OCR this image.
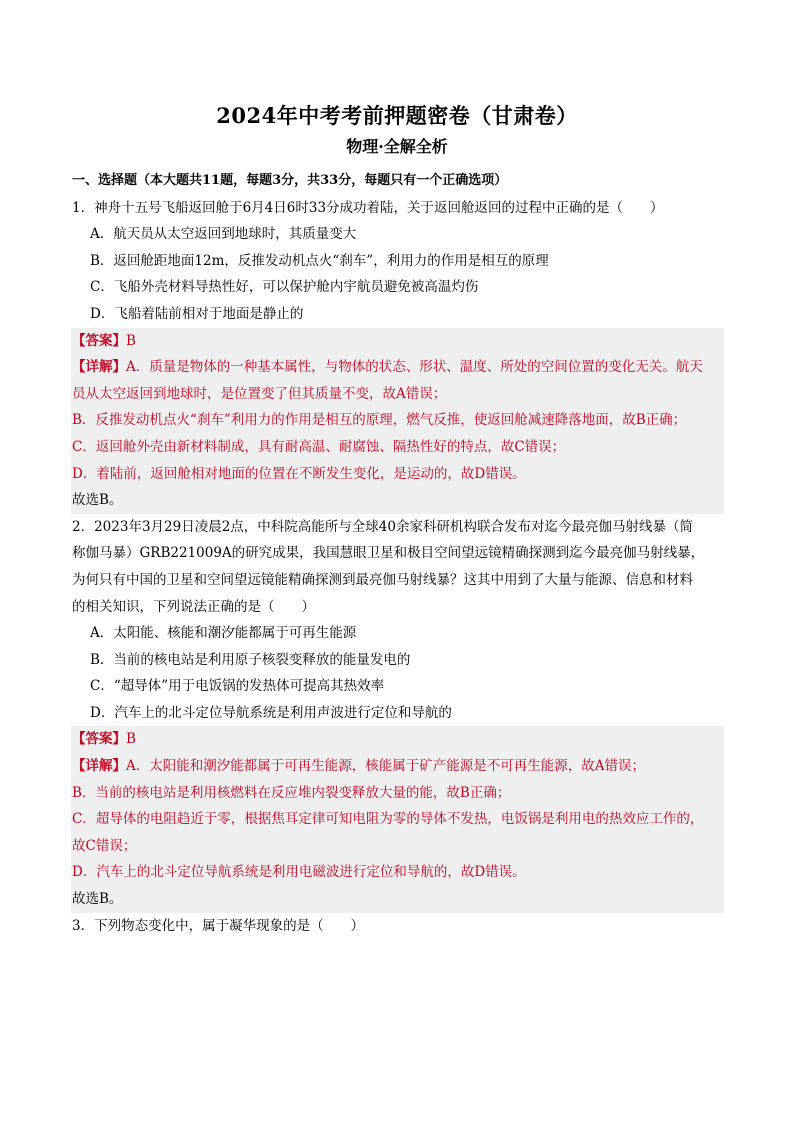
2024年中考考前押题密卷（甘肃卷）
物理·全解全析
一、选择题（本大题共11题，每题3分，共33分，每题只有一个正确选项）
1．神舟十五号飞船返回舱于6月4日6时33分成功着陆，关于返回舱返回的过程中正确的是（　　）
A．航天员从太空返回到地球时，其质量变大
B．返回舱距地面12m，反推发动机点火“刹车”，利用力的作用是相互的原理
C．飞船外壳材料导热性好，可以保护舱内宇航员避免被高温灼伤
D．飞船着陆前相对于地面是静止的
【答案】B
【详解】A．质量是物体的一种基本属性，与物体的状态、形状、温度、所处的空间位置的变化无关。航天
员从太空返回到地球时，是位置变了但其质量不变，故A错误；
B．反推发动机点火“刹车”利用力的作用是相互的原理，燃气反推，使返回舱减速降落地面，故B正确；
C．返回舱外壳由新材料制成，具有耐高温、耐腐蚀、隔热性好的特点，故C错误；
D．着陆前，返回舱相对地面的位置在不断发生变化，是运动的，故D错误。
故选B。
2．2023年3月29日凌晨2点，中科院高能所与全球40余家科研机构联合发布对迄今最亮伽马射线暴（简
称伽马暴）GRB221009A的研究成果，我国慧眼卫星和极目空间望远镜精确探测到迄今最亮伽马射线暴，
为何只有中国的卫星和空间望远镜能精确探测到最亮伽马射线暴？这其中用到了大量与能源、信息和材料
的相关知识，下列说法正确的是（　　）
A．太阳能、核能和潮汐能都属于可再生能源
B．当前的核电站是利用原子核裂变释放的能量发电的
C．“超导体”用于电饭锅的发热体可提高其热效率
D．汽车上的北斗定位导航系统是利用声波进行定位和导航的
【答案】B
【详解】A．太阳能和潮汐能都属于可再生能源，核能属于矿产能源是不可再生能源，故A错误；
B．当前的核电站是利用核燃料在反应堆内裂变释放大量的能，故B正确；
C．超导体的电阻趋近于零，根据焦耳定律可知电阻为零的导体不发热，电饭锅是利用电的热效应工作的，
故C错误；
D．汽车上的北斗定位导航系统是利用电磁波进行定位和导航的，故D错误。
故选B。
3．下列物态变化中，属于凝华现象的是（　　）
